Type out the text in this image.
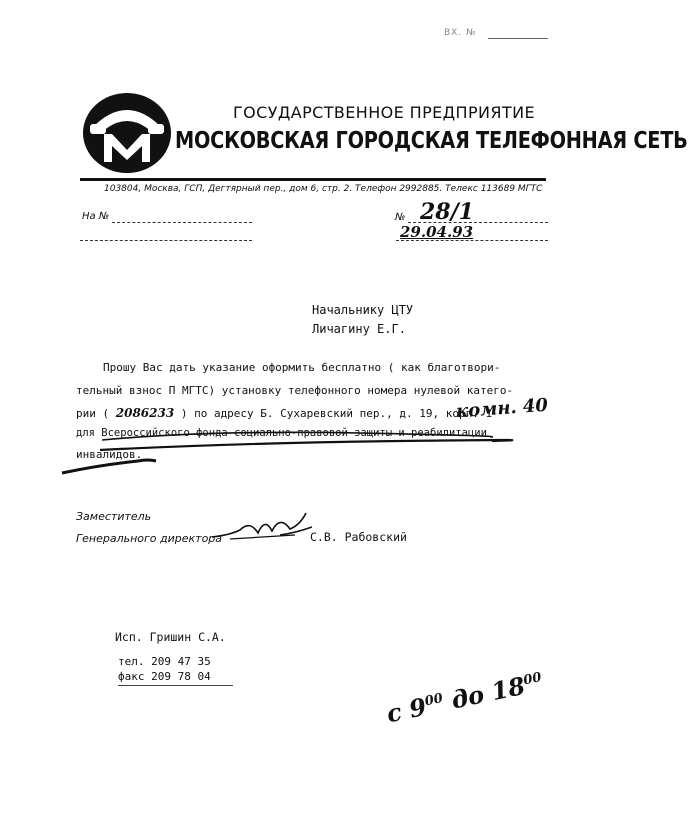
ВХ. №
ГОСУДАРСТВЕННОЕ ПРЕДПРИЯТИЕ
МОСКОВСКАЯ ГОРОДСКАЯ ТЕЛЕФОННАЯ СЕТЬ
103804, Москва, ГСП, Дегтярный пер., дом 6, стр. 2. Телефон 2992885. Телекс 113689 МГТС
На №	№ 28/1
29.04.93
Начальнику ЦТУ
Личагину Е.Г.
Прошу Вас дать указание оформить бесплатно ( как благотвори-
тельный взнос П МГТС) установку телефонного номера нулевой катего-
рии ( 2086233 ) по адресу Б. Сухаревский пер., д. 19, корп. 1
комн. 40
для Всероссийского фонда социально-правовой защиты и реабилитации
инвалидов.
Заместитель
Генерального директора	С.В. Рабовский
Исп. Гришин С.А.
тел. 209 47 35
факс 209 78 04
с $9^{00}$ до $18^{00}$
